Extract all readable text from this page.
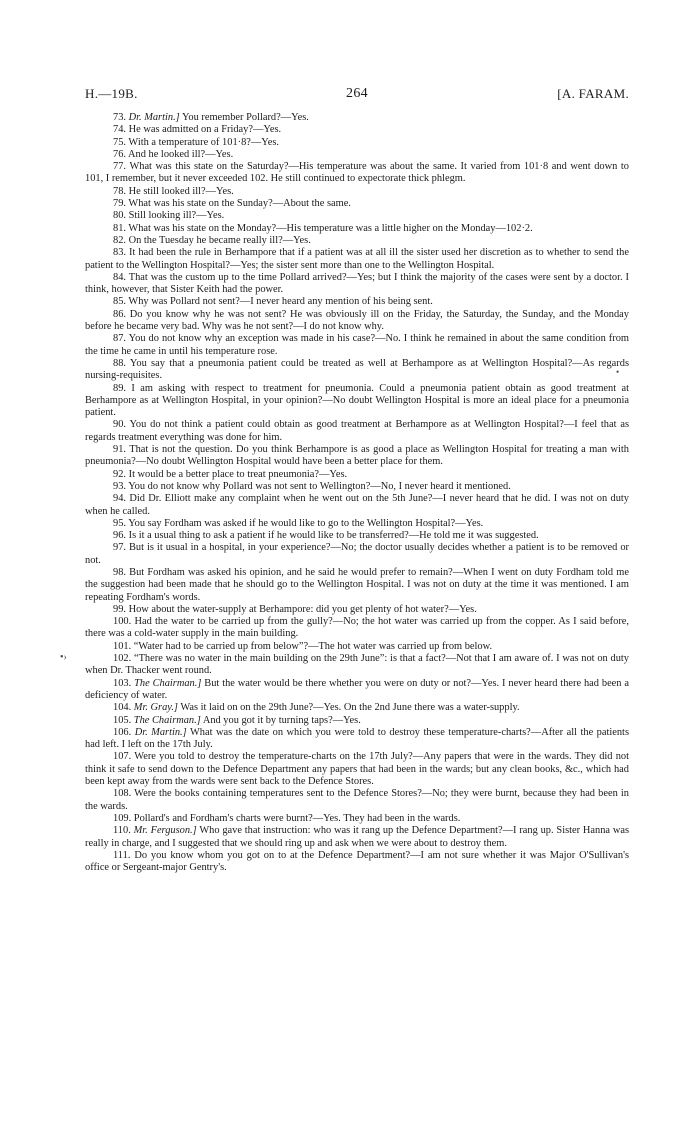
H.—19B.	264	[A. FARAM.

73. Dr. Martin.] You remember Pollard?—Yes.

74. He was admitted on a Friday?—Yes.

75. With a temperature of 101·8?—Yes.

76. And he looked ill?—Yes.

77. What was this state on the Saturday?—His temperature was about the same. It varied from 101·8 and went down to 101, I remember, but it never exceeded 102. He still continued to expectorate thick phlegm.

78. He still looked ill?—Yes.

79. What was his state on the Sunday?—About the same.

80. Still looking ill?—Yes.

81. What was his state on the Monday?—His temperature was a little higher on the Monday—102·2.

82. On the Tuesday he became really ill?—Yes.

83. It had been the rule in Berhampore that if a patient was at all ill the sister used her discretion as to whether to send the patient to the Wellington Hospital?—Yes; the sister sent more than one to the Wellington Hospital.

84. That was the custom up to the time Pollard arrived?—Yes; but I think the majority of the cases were sent by a doctor. I think, however, that Sister Keith had the power.

85. Why was Pollard not sent?—I never heard any mention of his being sent.

86. Do you know why he was not sent? He was obviously ill on the Friday, the Saturday, the Sunday, and the Monday before he became very bad. Why was he not sent?—I do not know why.

87. You do not know why an exception was made in his case?—No. I think he remained in about the same condition from the time he came in until his temperature rose.

88. You say that a pneumonia patient could be treated as well at Berhampore as at Wellington Hospital?—As regards nursing-requisites.

89. I am asking with respect to treatment for pneumonia. Could a pneumonia patient obtain as good treatment at Berhampore as at Wellington Hospital, in your opinion?—No doubt Wellington Hospital is more an ideal place for a pneumonia patient.

90. You do not think a patient could obtain as good treatment at Berhampore as at Wellington Hospital?—I feel that as regards treatment everything was done for him.

91. That is not the question. Do you think Berhampore is as good a place as Wellington Hospital for treating a man with pneumonia?—No doubt Wellington Hospital would have been a better place for them.

92. It would be a better place to treat pneumonia?—Yes.

93. You do not know why Pollard was not sent to Wellington?—No, I never heard it mentioned.

94. Did Dr. Elliott make any complaint when he went out on the 5th June?—I never heard that he did. I was not on duty when he called.

95. You say Fordham was asked if he would like to go to the Wellington Hospital?—Yes.

96. Is it a usual thing to ask a patient if he would like to be transferred?—He told me it was suggested.

97. But is it usual in a hospital, in your experience?—No; the doctor usually decides whether a patient is to be removed or not.

98. But Fordham was asked his opinion, and he said he would prefer to remain?—When I went on duty Fordham told me the suggestion had been made that he should go to the Wellington Hospital. I was not on duty at the time it was mentioned. I am repeating Fordham's words.

99. How about the water-supply at Berhampore: did you get plenty of hot water?—Yes.

100. Had the water to be carried up from the gully?—No; the hot water was carried up from the copper. As I said before, there was a cold-water supply in the main building.

101. “Water had to be carried up from below”?—The hot water was carried up from below.

102. “There was no water in the main building on the 29th June”: is that a fact?—Not that I am aware of. I was not on duty when Dr. Thacker went round.

103. The Chairman.] But the water would be there whether you were on duty or not?—Yes. I never heard there had been a deficiency of water.

104. Mr. Gray.] Was it laid on on the 29th June?—Yes. On the 2nd June there was a water-supply.

105. The Chairman.] And you got it by turning taps?—Yes.

106. Dr. Martin.] What was the date on which you were told to destroy these temperature-charts?—After all the patients had left. I left on the 17th July.

107. Were you told to destroy the temperature-charts on the 17th July?—Any papers that were in the wards. They did not think it safe to send down to the Defence Department any papers that had been in the wards; but any clean books, &c., which had been kept away from the wards were sent back to the Defence Stores.

108. Were the books containing temperatures sent to the Defence Stores?—No; they were burnt, because they had been in the wards.

109. Pollard's and Fordham's charts were burnt?—Yes. They had been in the wards.

110. Mr. Ferguson.] Who gave that instruction: who was it rang up the Defence Department?—I rang up. Sister Hanna was really in charge, and I suggested that we should ring up and ask when we were about to destroy them.

111. Do you know whom you got on to at the Defence Department?—I am not sure whether it was Major O'Sullivan's office or Sergeant-major Gentry's.

•
•›
